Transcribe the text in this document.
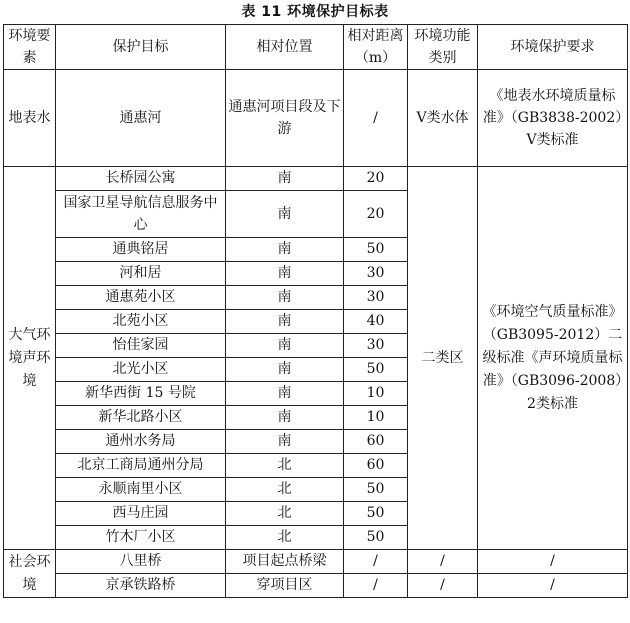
表 11 环境保护目标表
环境要素	保护目标	相对位置	相对距离（m）	环境功能类别	环境保护要求
地表水	通惠河	通惠河项目段及下游	/	Ⅴ类水体	《地表水环境质量标准》（GB3838-2002）Ⅴ类标准
大气环境声环境	长桥园公寓	南	20	二类区	《环境空气质量标准》（GB3095-2012）二级标准《声环境质量标准》（GB3096-2008）2类标准
	国家卫星导航信息服务中心	南	20		
	通典铭居	南	50		
	河和居	南	30		
	通惠苑小区	南	30		
	北苑小区	南	40		
	怡佳家园	南	30		
	北光小区	南	50		
	新华西街 15 号院	南	10		
	新华北路小区	南	10		
	通州水务局	南	60		
	北京工商局通州分局	北	60		
	永顺南里小区	北	50		
	西马庄园	北	50		
	竹木厂小区	北	50		
社会环境	八里桥	项目起点桥梁	/	/	/
	京承铁路桥	穿项目区	/	/	/
